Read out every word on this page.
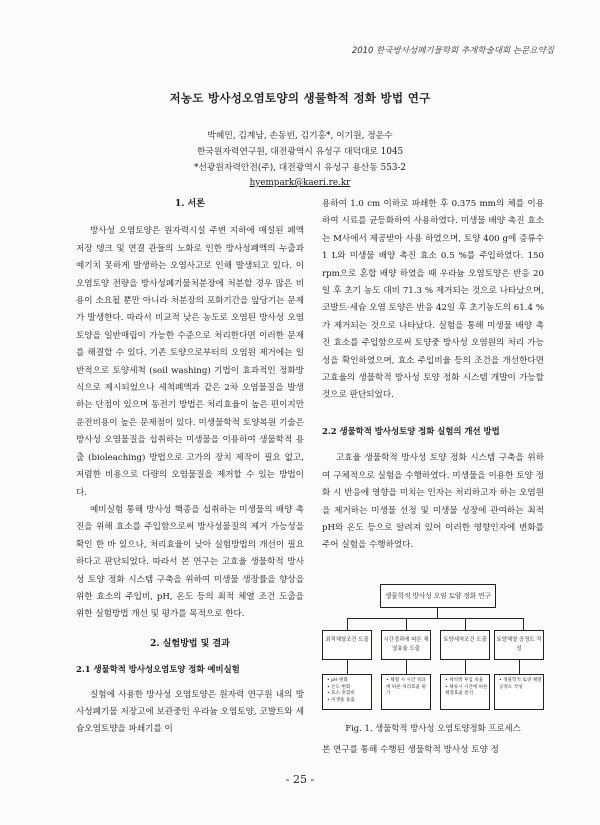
2010 한국방사성폐기물학회 추계학술대회 논문요약집
저농도 방사성오염토양의 생물학적 정화 방법 연구
박혜민, 김계남, 손동빈, 김기홍*, 이기원, 정운수
한국원자력연구원, 대전광역시 유성구 대덕대로 1045
*선광원자력안전(주), 대전광역시 유성구 용산동 553-2
hyempark@kaeri.re.kr

1. 서론

방사성 오염토양은 원자력시설 주변 지하에 매설된 폐액저장 탱크 및 연결 관들의 노화로 인한 방사성폐액의 누출과 예기치 못하게 발생하는 오염사고로 인해 발생되고 있다. 이 오염토양 전량을 방사성폐기물처분장에 처분할 경우 많은 비용이 소요될 뿐만 아니라 처분장의 포화기간을 앞당기는 문제가 발생한다. 따라서 비교적 낮은 농도로 오염된 방사성 오염토양을 일반매립이 가능한 수준으로 처리한다면 이러한 문제를 해결할 수 있다. 기존 토양으로부터의 오염원 제거에는 일반적으로 토양세척 (soil washing) 기법이 효과적인 정화방식으로 제시되었으나 세척폐액과 같은 2차 오염물질을 발생하는 단점이 있으며 동전기 방법은 처리효율이 높은 편이지만 운전비용이 높은 문제점이 있다. 미생물학적 토양복원 기술은 방사성 오염물질을 섭취하는 미생물을 이용하여 생물학적 용출 (bioleaching) 방법으로 고가의 장치 제작이 필요 없고, 저렴한 비용으로 다량의 오염물질을 제거할 수 있는 방법이다.

예비실험 통해 방사성 핵종을 섭취하는 미생물의 배양 촉진을 위해 효소를 주입함으로써 방사성물질의 제거 가능성을 확인 한 바 있으나, 처리효율이 낮아 실험방법의 개선이 필요하다고 판단되었다. 따라서 본 연구는 고효율 생물학적 방사성 토양 정화 시스템 구축을 위하여 미생물 생장률을 향상을 위한 효소의 주입비, pH, 온도 등의 최적 체열 조건 도출을 위한 실험방법 개선 및 평가를 목적으로 한다.

2. 실험방법 및 결과

2.1 생물학적 방사성오염토양 정화 예비실험

실험에 사용한 방사성 오염토양은 원자력 연구원 내의 방사성폐기물 저장고에 보관중인 우라늄 오염토양, 코발트와 세슘오염토양을 파쇄기를 이

용하여 1.0 cm 이하로 파쇄한 후 0.375 mm의 체를 이용하여 시료를 균등화하여 사용하였다. 미생물 배양 촉진 효소는 M사에서 제공받아 사용 하였으며, 토양 400 g에 증류수 1 L와 미생물 배양 촉진 효소 0.5 %를 주입하였다. 150 rpm으로 혼합 배양 하였을 때 우라늄 오염토양은 반응 20일 후 초기 농도 대비 71.3 % 제거되는 것으로 나타났으며, 코발트·세슘 오염 토양은 반응 42일 후 초기농도의 61.4 %가 제거되는 것으로 나타났다. 실험을 통해 미생물 배양 촉진 효소를 주입함으로써 토양중 방사성 오염원의 처리 가능성을 확인하였으며, 효소 주입비율 등의 조건을 개선한다면 고효율의 생물학적 방사성 토양 정화 시스템 개발이 가능할 것으로 판단되었다.

2.2 생물학적 방사성토양 정화 실험의 개선 방법

고효율 생물학적 방사성 토양 정화 시스템 구축을 위하여 구체적으로 실험을 수행하였다. 미생물을 이용한 토양 정화 시 반응에 영향을 미치는 인자는 처리하고자 하는 오염원을 제거하는 미생물 선정 및 미생물 성장에 관여하는 최적 pH와 온도 등으로 알려져 있어 이러한 영향인자에 변화를 주어 실험을 수행하였다.

생물학적 방사성 오염 토양 정화 연구
최적체열조건 도출	시간경과에 따른 체열효율 도출
토양세척조건 도출	토양체열 공정도 작성
• pH 변화
• 온도 변화
• 효소 혼합비
• 미생물 용출
• 체열 시 시간 경과에 따른 처리효율 평가
• 세척액 투입 비율
• 체류시 시간에 따른 체열효율 분석
• 생물학적 토양 체열 공정도 작성
Fig. 1. 생물학적 방사성 오염토양정화 프로세스
본 연구를 통해 수행된 생물학적 방사성 토양 정
- 25 -
